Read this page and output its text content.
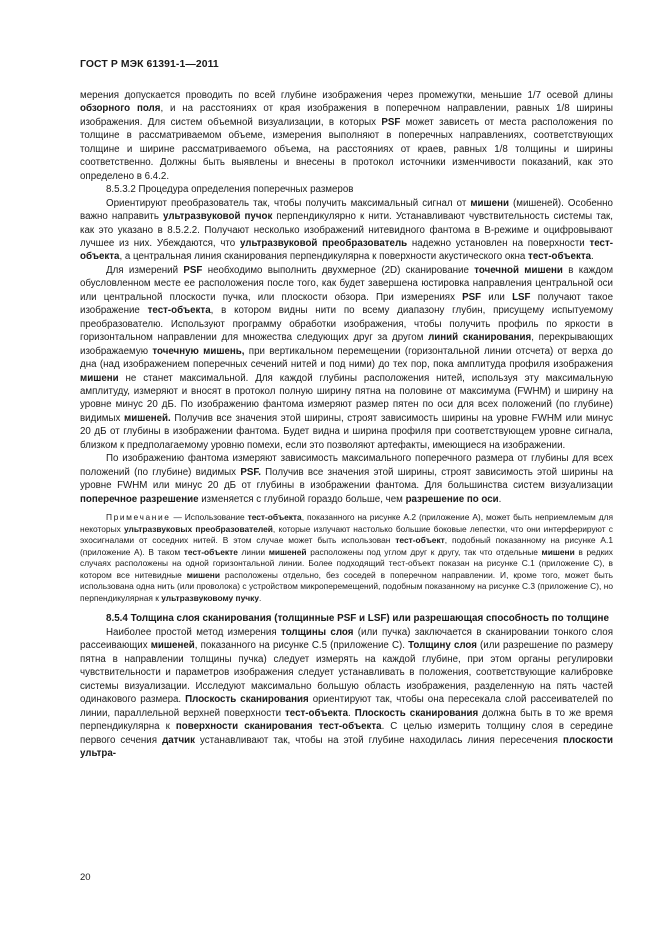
ГОСТ Р МЭК 61391-1—2011

мерения допускается проводить по всей глубине изображения через промежутки, меньшие 1/7 осевой длины обзорного поля, и на расстояниях от края изображения в поперечном направлении, равных 1/8 ширины изображения. Для систем объемной визуализации, в которых PSF может зависеть от места расположения по толщине в рассматриваемом объеме, измерения выполняют в поперечных направлениях, соответствующих толщине и ширине рассматриваемого объема, на расстояниях от краев, равных 1/8 толщины и ширины соответственно. Должны быть выявлены и внесены в протокол источники изменчивости показаний, как это определено в 6.4.2.

8.5.3.2 Процедура определения поперечных размеров

Ориентируют преобразователь так, чтобы получить максимальный сигнал от мишени (мишеней). Особенно важно направить ультразвуковой пучок перпендикулярно к нити. Устанавливают чувствительность системы так, как это указано в 8.5.2.2. Получают несколько изображений нитевидного фантома в В-режиме и оцифровывают лучшее из них. Убеждаются, что ультразвуковой преобразователь надежно установлен на поверхности тест-объекта, а центральная линия сканирования перпендикулярна к поверхности акустического окна тест-объекта.

Для измерений PSF необходимо выполнить двухмерное (2D) сканирование точечной мишени в каждом обусловленном месте ее расположения после того, как будет завершена юстировка направления центральной оси или центральной плоскости пучка, или плоскости обзора. При измерениях PSF или LSF получают такое изображение тест-объекта, в котором видны нити по всему диапазону глубин, присущему испытуемому преобразователю. Используют программу обработки изображения, чтобы получить профиль по яркости в горизонтальном направлении для множества следующих друг за другом линий сканирования, перекрывающих изображаемую точечную мишень, при вертикальном перемещении (горизонтальной линии отсчета) от верха до дна (над изображением поперечных сечений нитей и под ними) до тех пор, пока амплитуда профиля изображения мишени не станет максимальной. Для каждой глубины расположения нитей, используя эту максимальную амплитуду, измеряют и вносят в протокол полную ширину пятна на половине от максимума (FWHM) и ширину на уровне минус 20 дБ. По изображению фантома измеряют размер пятен по оси для всех положений (по глубине) видимых мишеней. Получив все значения этой ширины, строят зависимость ширины на уровне FWHM или минус 20 дБ от глубины в изображении фантома. Будет видна и ширина профиля при соответствующем уровне сигнала, близком к предполагаемому уровню помехи, если это позволяют артефакты, имеющиеся на изображении.

По изображению фантома измеряют зависимость максимального поперечного размера от глубины для всех положений (по глубине) видимых PSF. Получив все значения этой ширины, строят зависимость этой ширины на уровне FWHM или минус 20 дБ от глубины в изображении фантома. Для большинства систем визуализации поперечное разрешение изменяется с глубиной гораздо больше, чем разрешение по оси.

Примечание — Использование тест-объекта, показанного на рисунке А.2 (приложение А), может быть неприемлемым для некоторых ультразвуковых преобразователей, которые излучают настолько большие боковые лепестки, что они интерферируют с эхосигналами от соседних нитей. В этом случае может быть использован тест-объект, подобный показанному на рисунке А.1 (приложение А). В таком тест-объекте линии мишеней расположены под углом друг к другу, так что отдельные мишени в редких случаях расположены на одной горизонтальной линии. Более подходящий тест-объект показан на рисунке С.1 (приложение С), в котором все нитевидные мишени расположены отдельно, без соседей в поперечном направлении. И, кроме того, может быть использована одна нить (или проволока) с устройством микроперемещений, подобным показанному на рисунке С.3 (приложение С), но перпендикулярная к ультразвуковому пучку.

8.5.4 Толщина слоя сканирования (толщинные PSF и LSF) или разрешающая способность по толщине

Наиболее простой метод измерения толщины слоя (или пучка) заключается в сканировании тонкого слоя рассеивающих мишеней, показанного на рисунке С.5 (приложение С). Толщину слоя (или разрешение по размеру пятна в направлении толщины пучка) следует измерять на каждой глубине, при этом органы регулировки чувствительности и параметров изображения следует устанавливать в положения, соответствующие калибровке системы визуализации. Исследуют максимально большую область изображения, разделенную на пять частей одинакового размера. Плоскость сканирования ориентируют так, чтобы она пересекала слой рассеивателей по линии, параллельной верхней поверхности тест-объекта. Плоскость сканирования должна быть в то же время перпендикулярна к поверхности сканирования тест-объекта. С целью измерить толщину слоя в середине первого сечения датчик устанавливают так, чтобы на этой глубине находилась линия пересечения плоскости ультра-

20
